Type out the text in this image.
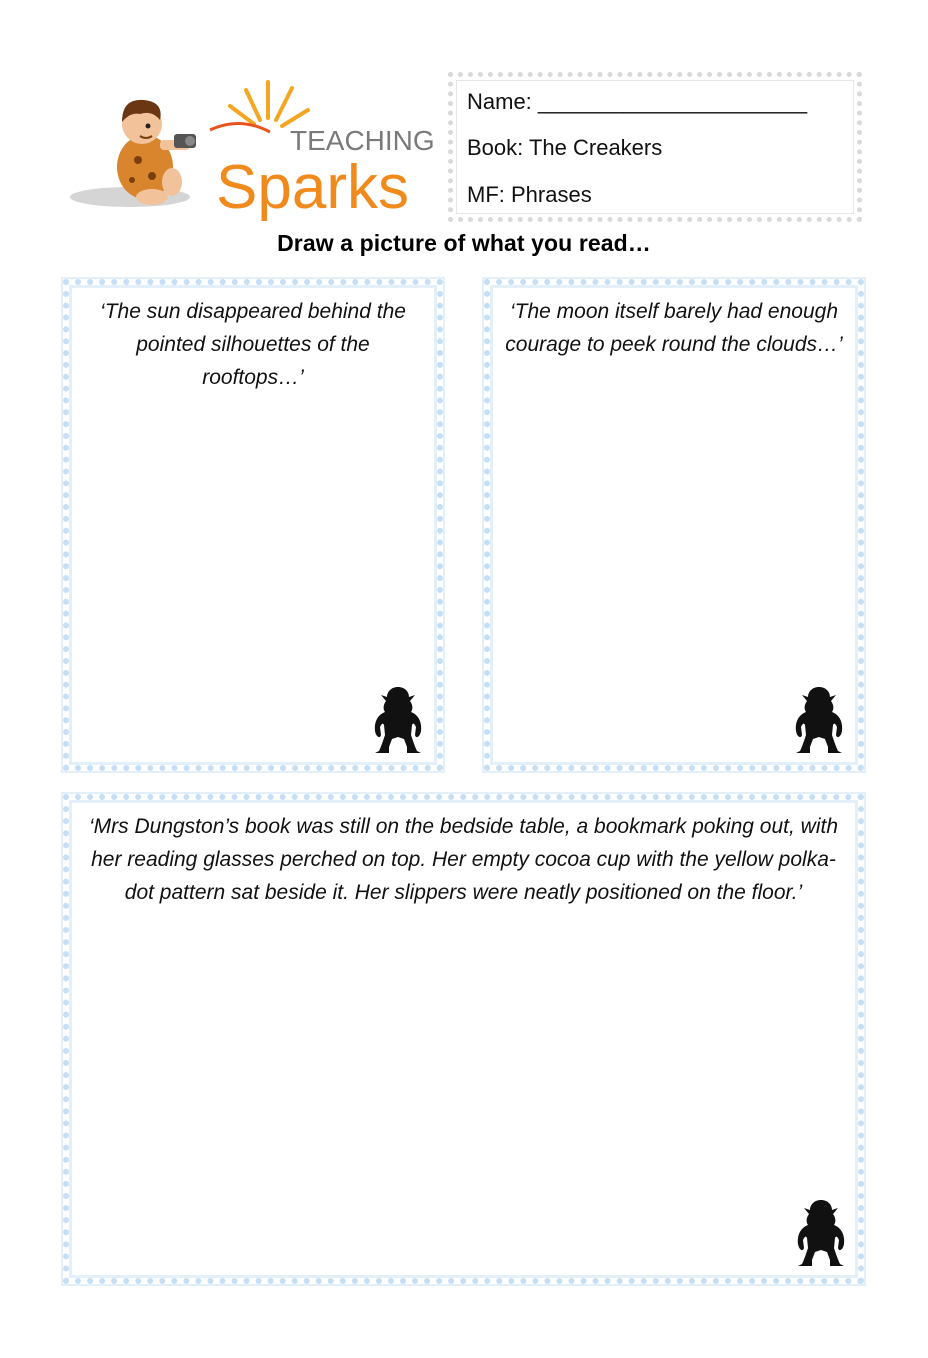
TEACHING
Sparks
Name: ______________________
Book: The Creakers
MF: Phrases
Draw a picture of what you read…
‘The sun disappeared behind the pointed silhouettes of the rooftops…’
‘The moon itself barely had enough courage to peek round the clouds…’
‘Mrs Dungston’s book was still on the bedside table, a bookmark poking out, with her reading glasses perched on top. Her empty cocoa cup with the yellow polka-dot pattern sat beside it. Her slippers were neatly positioned on the floor.’
